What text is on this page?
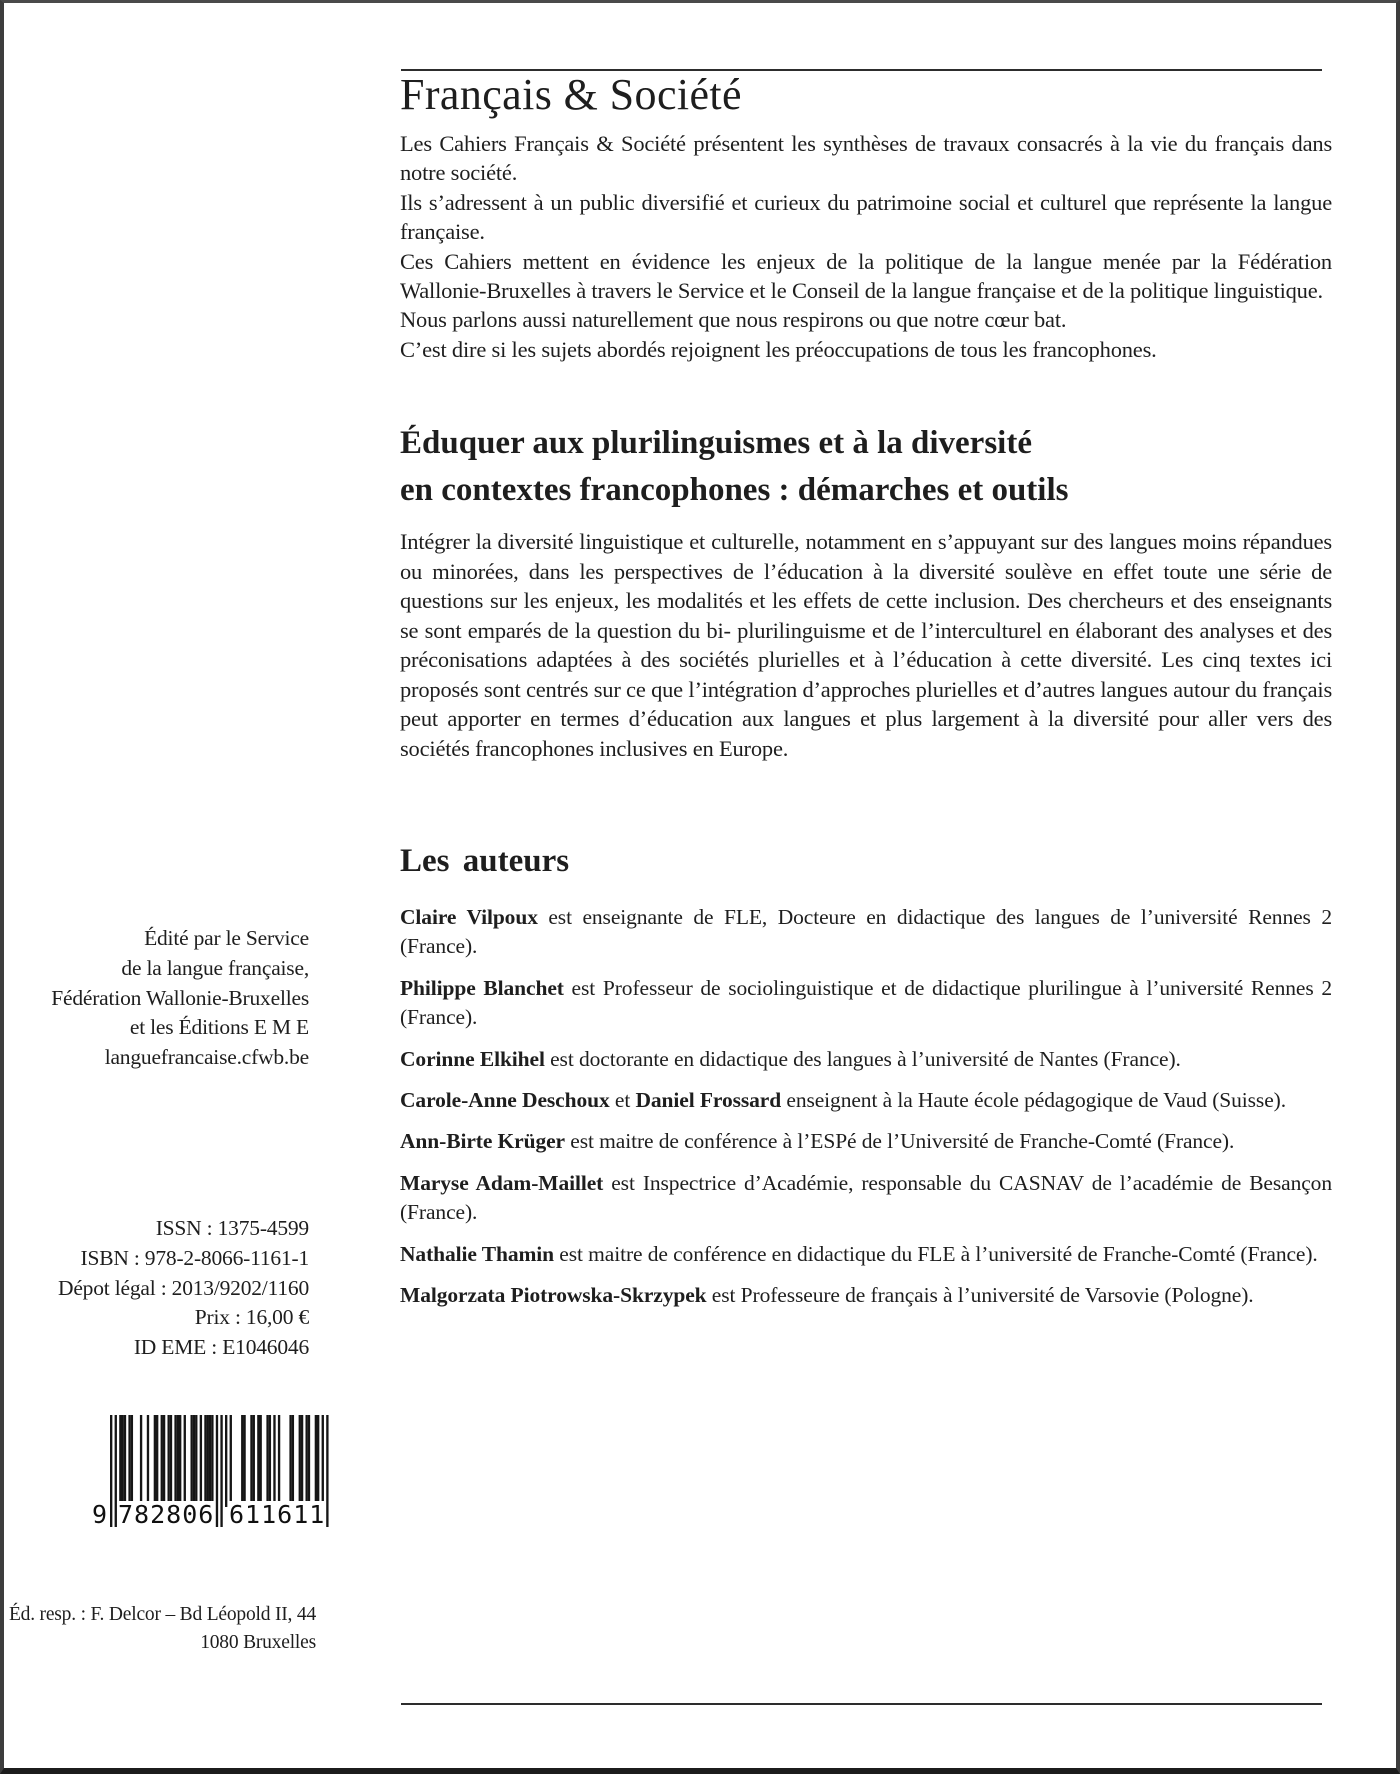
Français & Société

Les Cahiers Français & Société présentent les synthèses de travaux consacrés à la vie du français dans notre société.

Ils s’adressent à un public diversifié et curieux du patrimoine social et culturel que représente la langue française.

Ces Cahiers mettent en évidence les enjeux de la politique de la langue menée par la Fédération Wallonie-Bruxelles à travers le Service et le Conseil de la langue française et de la politique linguistique.

Nous parlons aussi naturellement que nous respirons ou que notre cœur bat.

C’est dire si les sujets abordés rejoignent les préoccupations de tous les francophones.

Éduquer aux plurilinguismes et à la diversité
en contextes francophones : démarches et outils

Intégrer la diversité linguistique et culturelle, notamment en s’appuyant sur des langues moins répandues ou minorées, dans les perspectives de l’éducation à la diversité soulève en effet toute une série de questions sur les enjeux, les modalités et les effets de cette inclusion. Des chercheurs et des enseignants se sont emparés de la question du bi- plurilinguisme et de l’interculturel en élaborant des analyses et des préconisations adaptées à des sociétés plurielles et à l’éducation à cette diversité. Les cinq textes ici proposés sont centrés sur ce que l’intégration d’approches plurielles et d’autres langues autour du français peut apporter en termes d’éducation aux langues et plus largement à la diversité pour aller vers des sociétés francophones inclusives en Europe.

Les auteurs

Claire Vilpoux est enseignante de FLE, Docteure en didactique des langues de l’université Rennes 2 (France).

Philippe Blanchet est Professeur de sociolinguistique et de didactique plurilingue à l’université Rennes 2 (France).

Corinne Elkihel est doctorante en didactique des langues à l’université de Nantes (France).

Carole-Anne Deschoux et Daniel Frossard enseignent à la Haute école pédagogique de Vaud (Suisse).

Ann-Birte Krüger est maitre de conférence à l’ESPé de l’Université de Franche-Comté (France).

Maryse Adam-Maillet est Inspectrice d’Académie, responsable du CASNAV de l’académie de Besançon (France).

Nathalie Thamin est maitre de conférence en didactique du FLE à l’université de Franche-Comté (France).

Malgorzata Piotrowska-Skrzypek est Professeure de français à l’université de Varsovie (Pologne).

Édité par le Service
de la langue française,
Fédération Wallonie-Bruxelles
et les Éditions E M E
languefrancaise.cfwb.be
ISSN : 1375-4599
ISBN : 978-2-8066-1161-1
Dépot légal : 2013/9202/1160
Prix : 16,00 €
ID EME : E1046046
9 782806 611611
Éd. resp. : F. Delcor – Bd Léopold II, 44
1080 Bruxelles
